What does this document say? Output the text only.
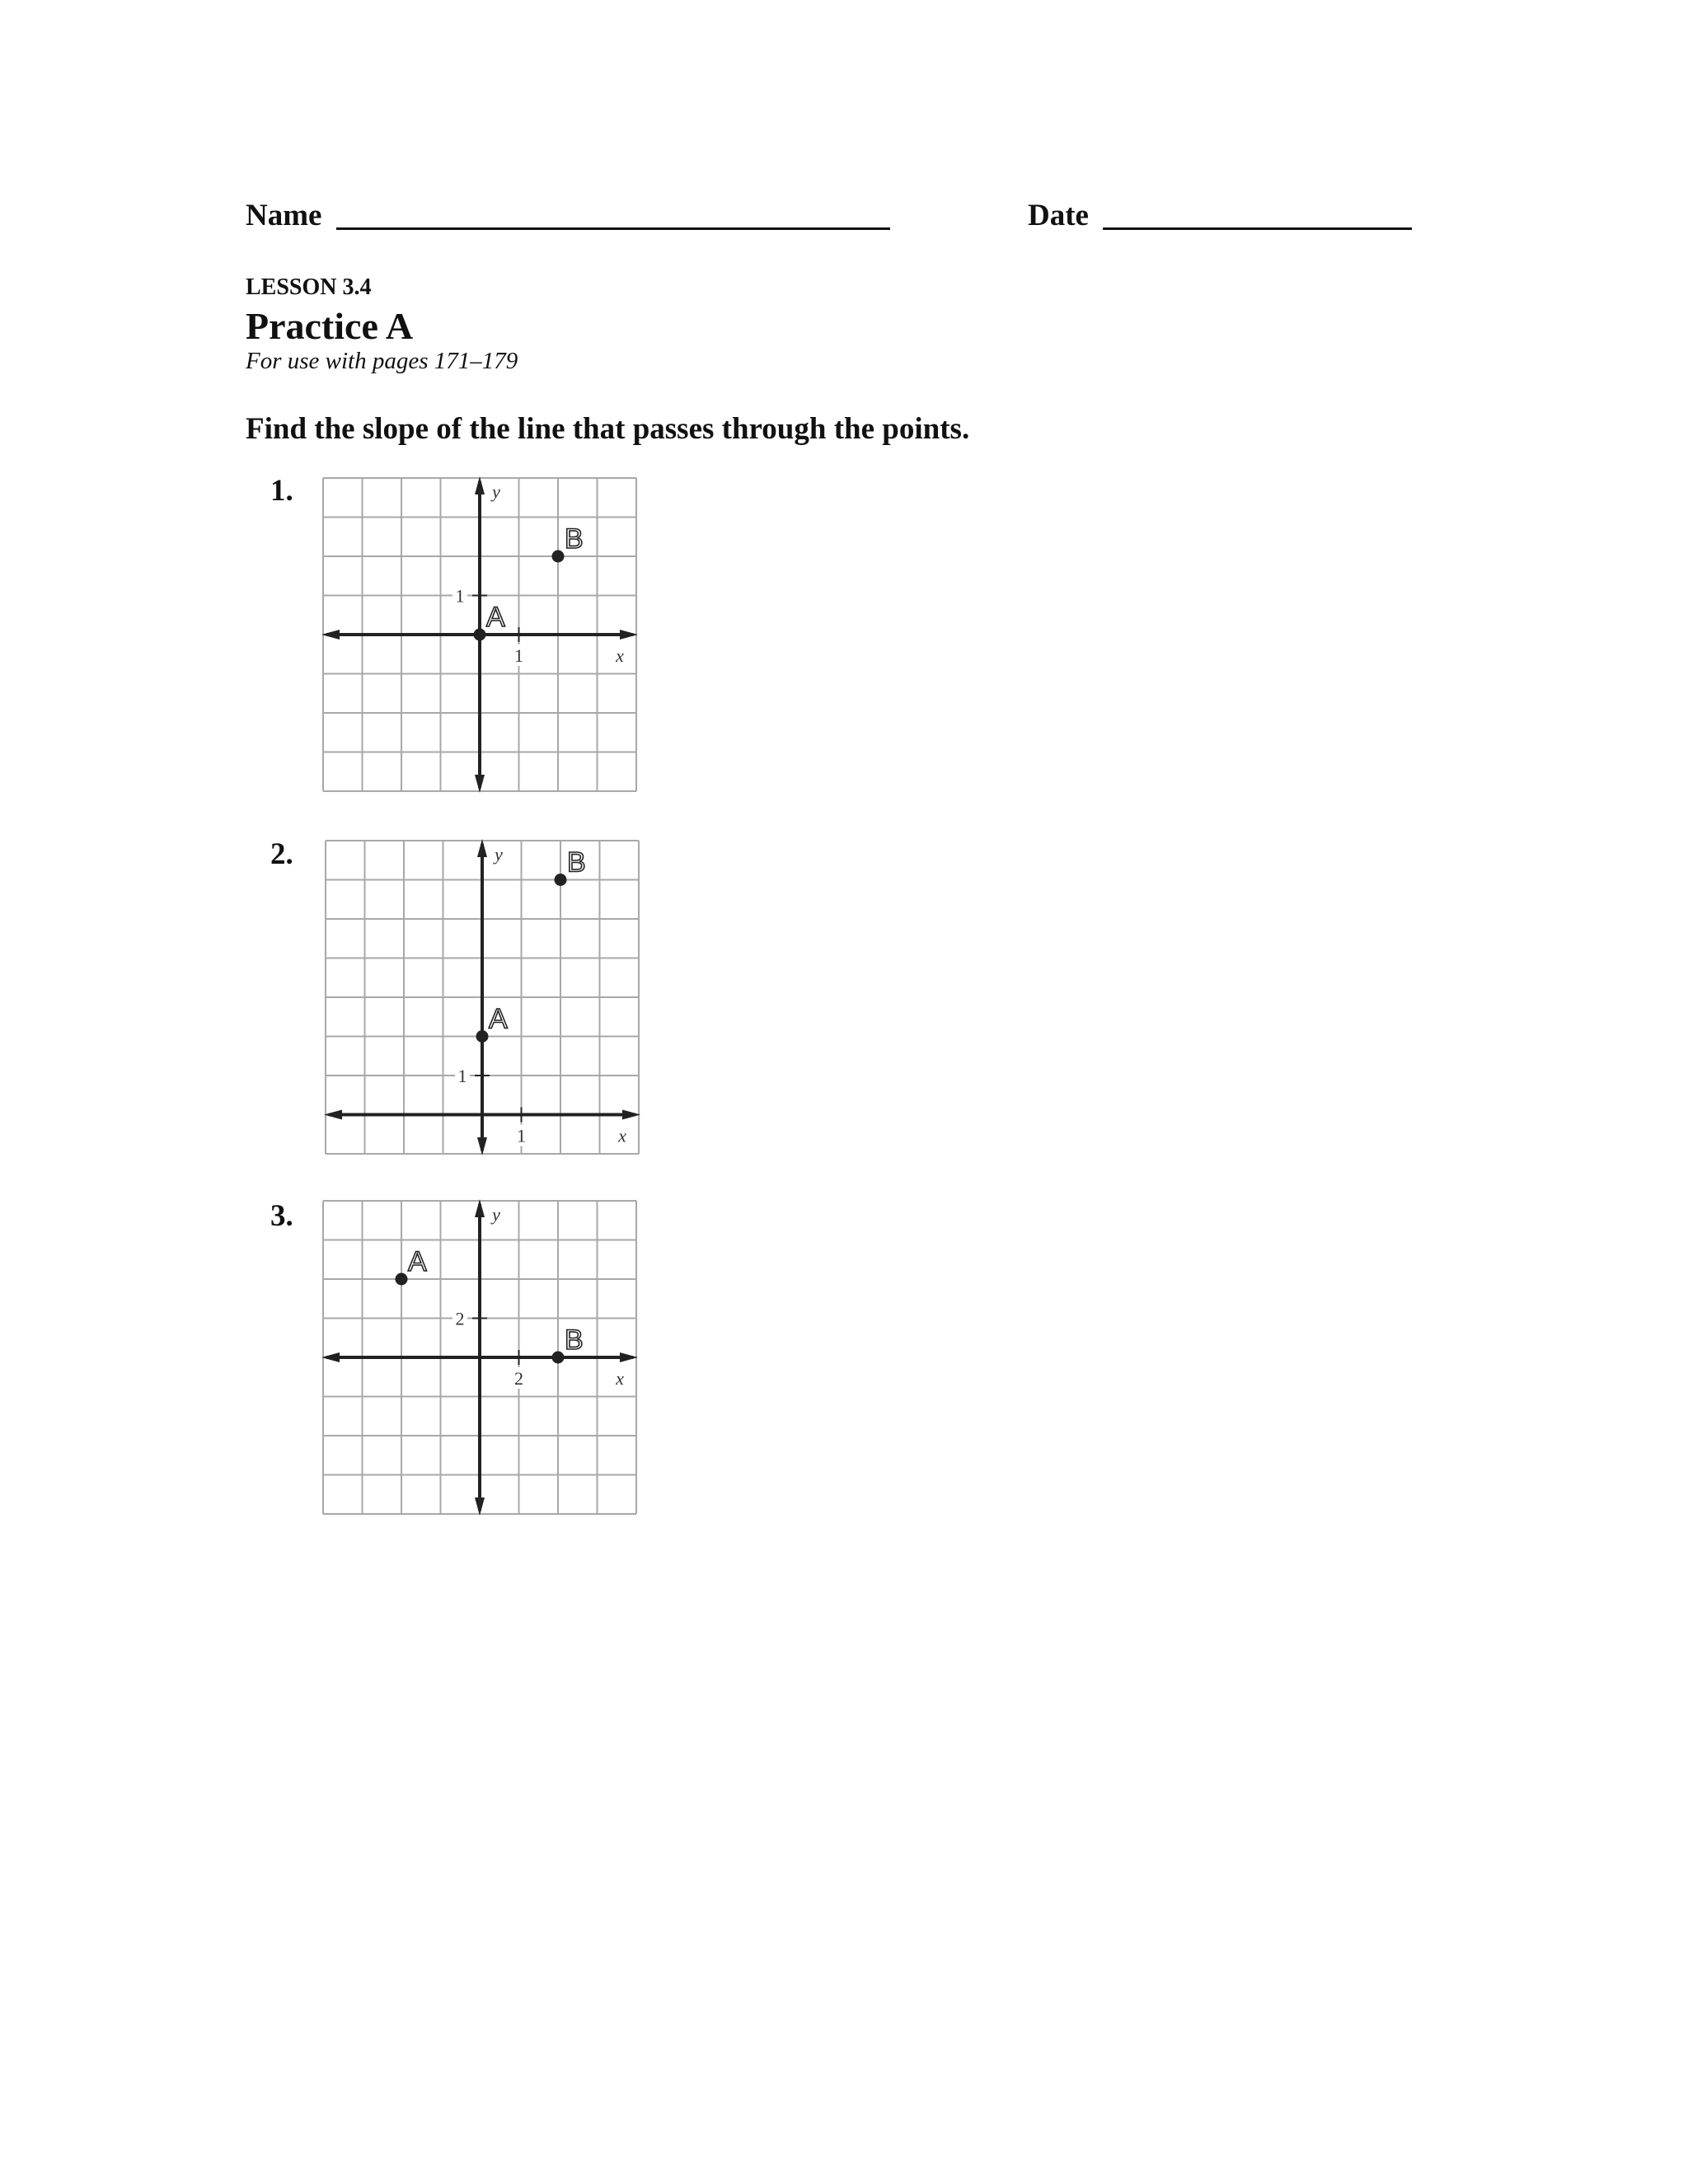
Name	Date
LESSON 3.4
Practice A
For use with pages 171–179
Find the slope of the line that passes through the points.
1.
2.
3.
1
1
y
x
A
B
1
1
y
x
A
B
2
2
y
x
A
B
